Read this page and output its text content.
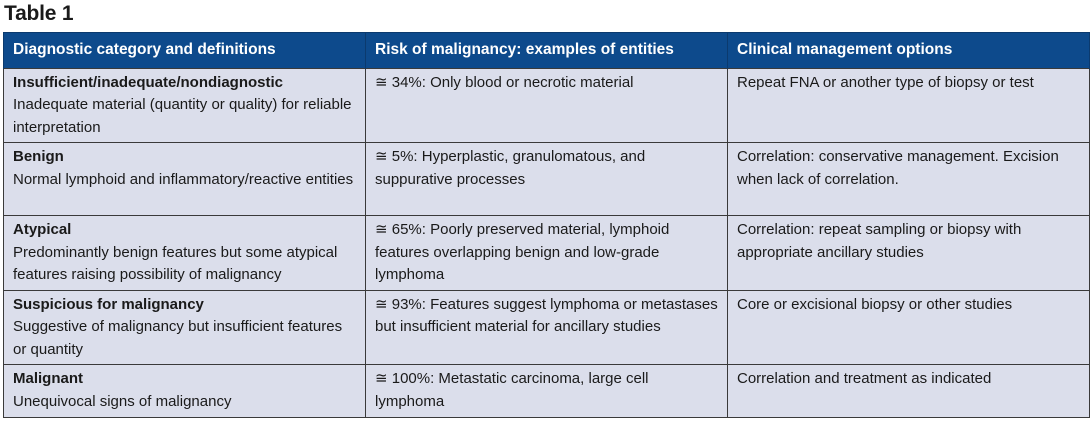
Table 1
Diagnostic category and definitions	Risk of malignancy: examples of entities	Clinical management options

Insufficient/inadequate/nondiagnostic
Inadequate material (quantity or quality) for reliable interpretation	≅ 34%: Only blood or necrotic material	Repeat FNA or another type of biopsy or test

Benign
Normal lymphoid and inflammatory/reactive entities	≅ 5%: Hyperplastic, granulomatous, and suppurative processes	Correlation: conservative management. Excision when lack of correlation.

Atypical
Predominantly benign features but some atypical features raising possibility of malignancy	≅ 65%: Poorly preserved material, lymphoid features overlapping benign and low-grade lymphoma	Correlation: repeat sampling or biopsy with appropriate ancillary studies

Suspicious for malignancy
Suggestive of malignancy but insufficient features or quantity	≅ 93%: Features suggest lymphoma or metastases but insufficient material for ancillary studies	Core or excisional biopsy or other studies

Malignant
Unequivocal signs of malignancy	≅ 100%: Metastatic carcinoma, large cell lymphoma	Correlation and treatment as indicated
